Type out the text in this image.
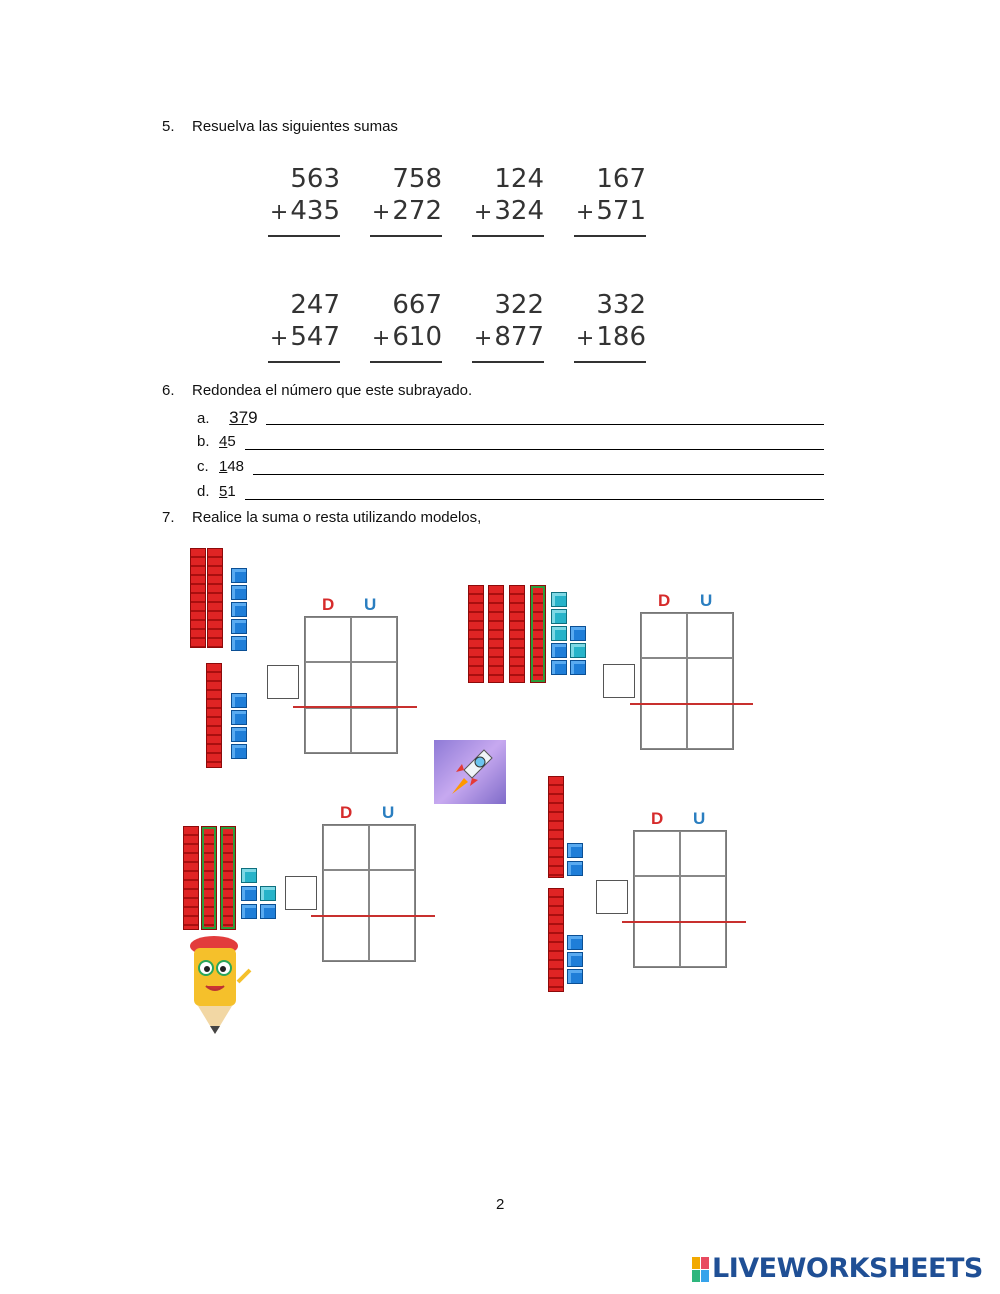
5. Resuelva las siguientes sumas
563
+435
758
+272
124
+324
167
+571
247
+547
667
+610
322
+877
332
+186
6. Redondea el número que este subrayado.
a. 379
b. 45
c. 148
d. 51
7. Realice la suma o resta utilizando modelos,
D U	D U
D U	D U
2
LIVEWORKSHEETS
